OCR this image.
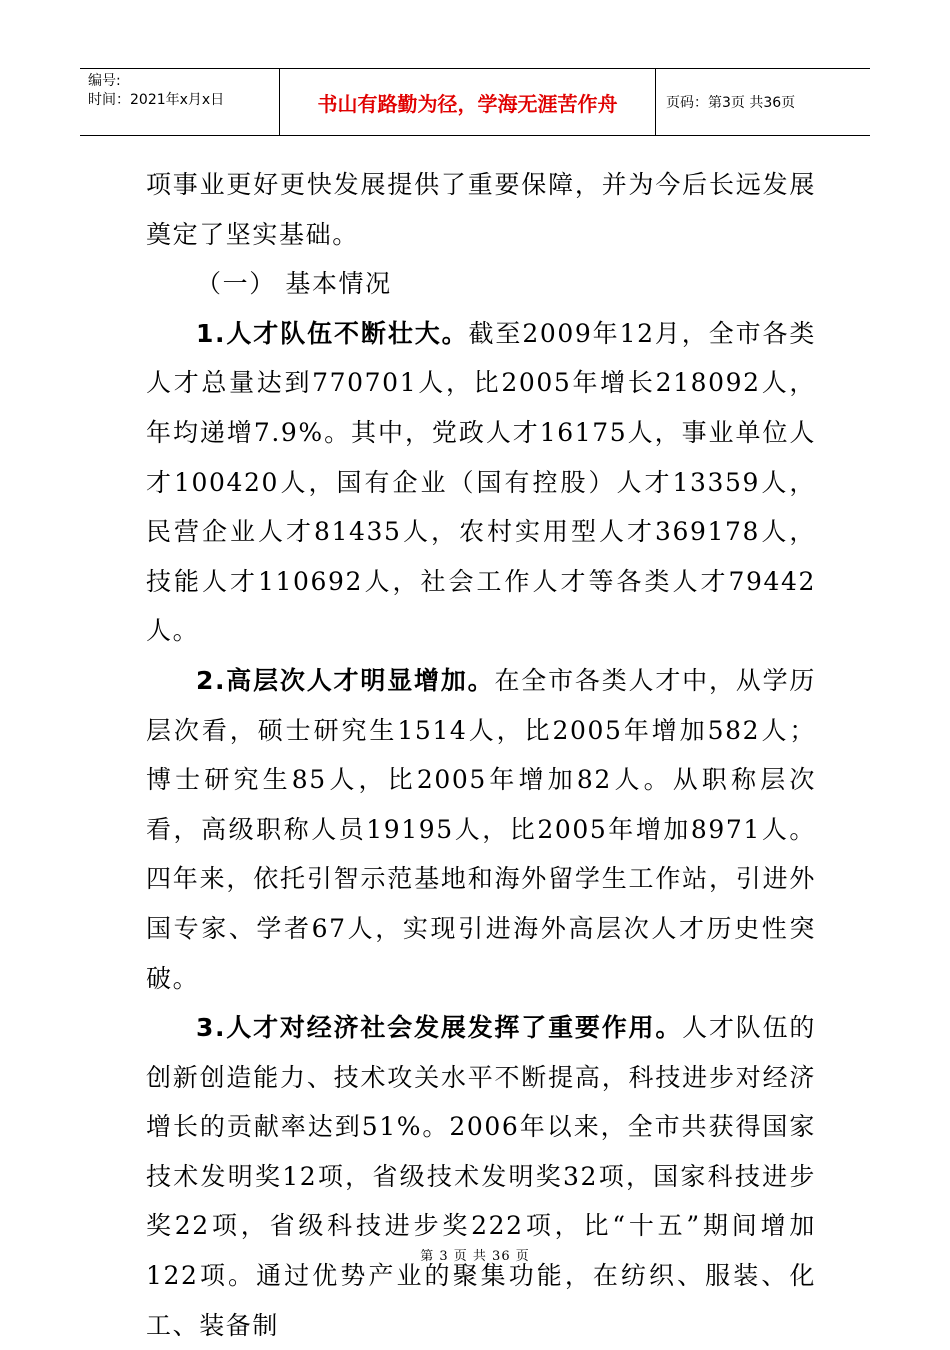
编号:
时间：2021年x月x日	书山有路勤为径，学海无涯苦作舟	页码：第3页 共36页

项事业更好更快发展提供了重要保障，并为今后长远发展奠定了坚实基础。

（一） 基本情况

1.人才队伍不断壮大。截至2009年12月，全市各类人才总量达到770701人，比2005年增长218092人，年均递增7.9%。其中，党政人才16175人，事业单位人才100420人，国有企业（国有控股）人才13359人，民营企业人才81435人，农村实用型人才369178人，技能人才110692人，社会工作人才等各类人才79442人。

2.高层次人才明显增加。在全市各类人才中，从学历层次看，硕士研究生1514人，比2005年增加582人；博士研究生85人，比2005年增加82人。从职称层次看，高级职称人员19195人，比2005年增加8971人。四年来，依托引智示范基地和海外留学生工作站，引进外国专家、学者67人，实现引进海外高层次人才历史性突破。

3.人才对经济社会发展发挥了重要作用。人才队伍的创新创造能力、技术攻关水平不断提高，科技进步对经济增长的贡献率达到51%。2006年以来，全市共获得国家技术发明奖12项，省级技术发明奖32项，国家科技进步奖22项，省级科技进步奖222项，比“十五”期间增加122项。通过优势产业的聚集功能，在纺织、服装、化工、装备制

第 3 页 共 36 页
